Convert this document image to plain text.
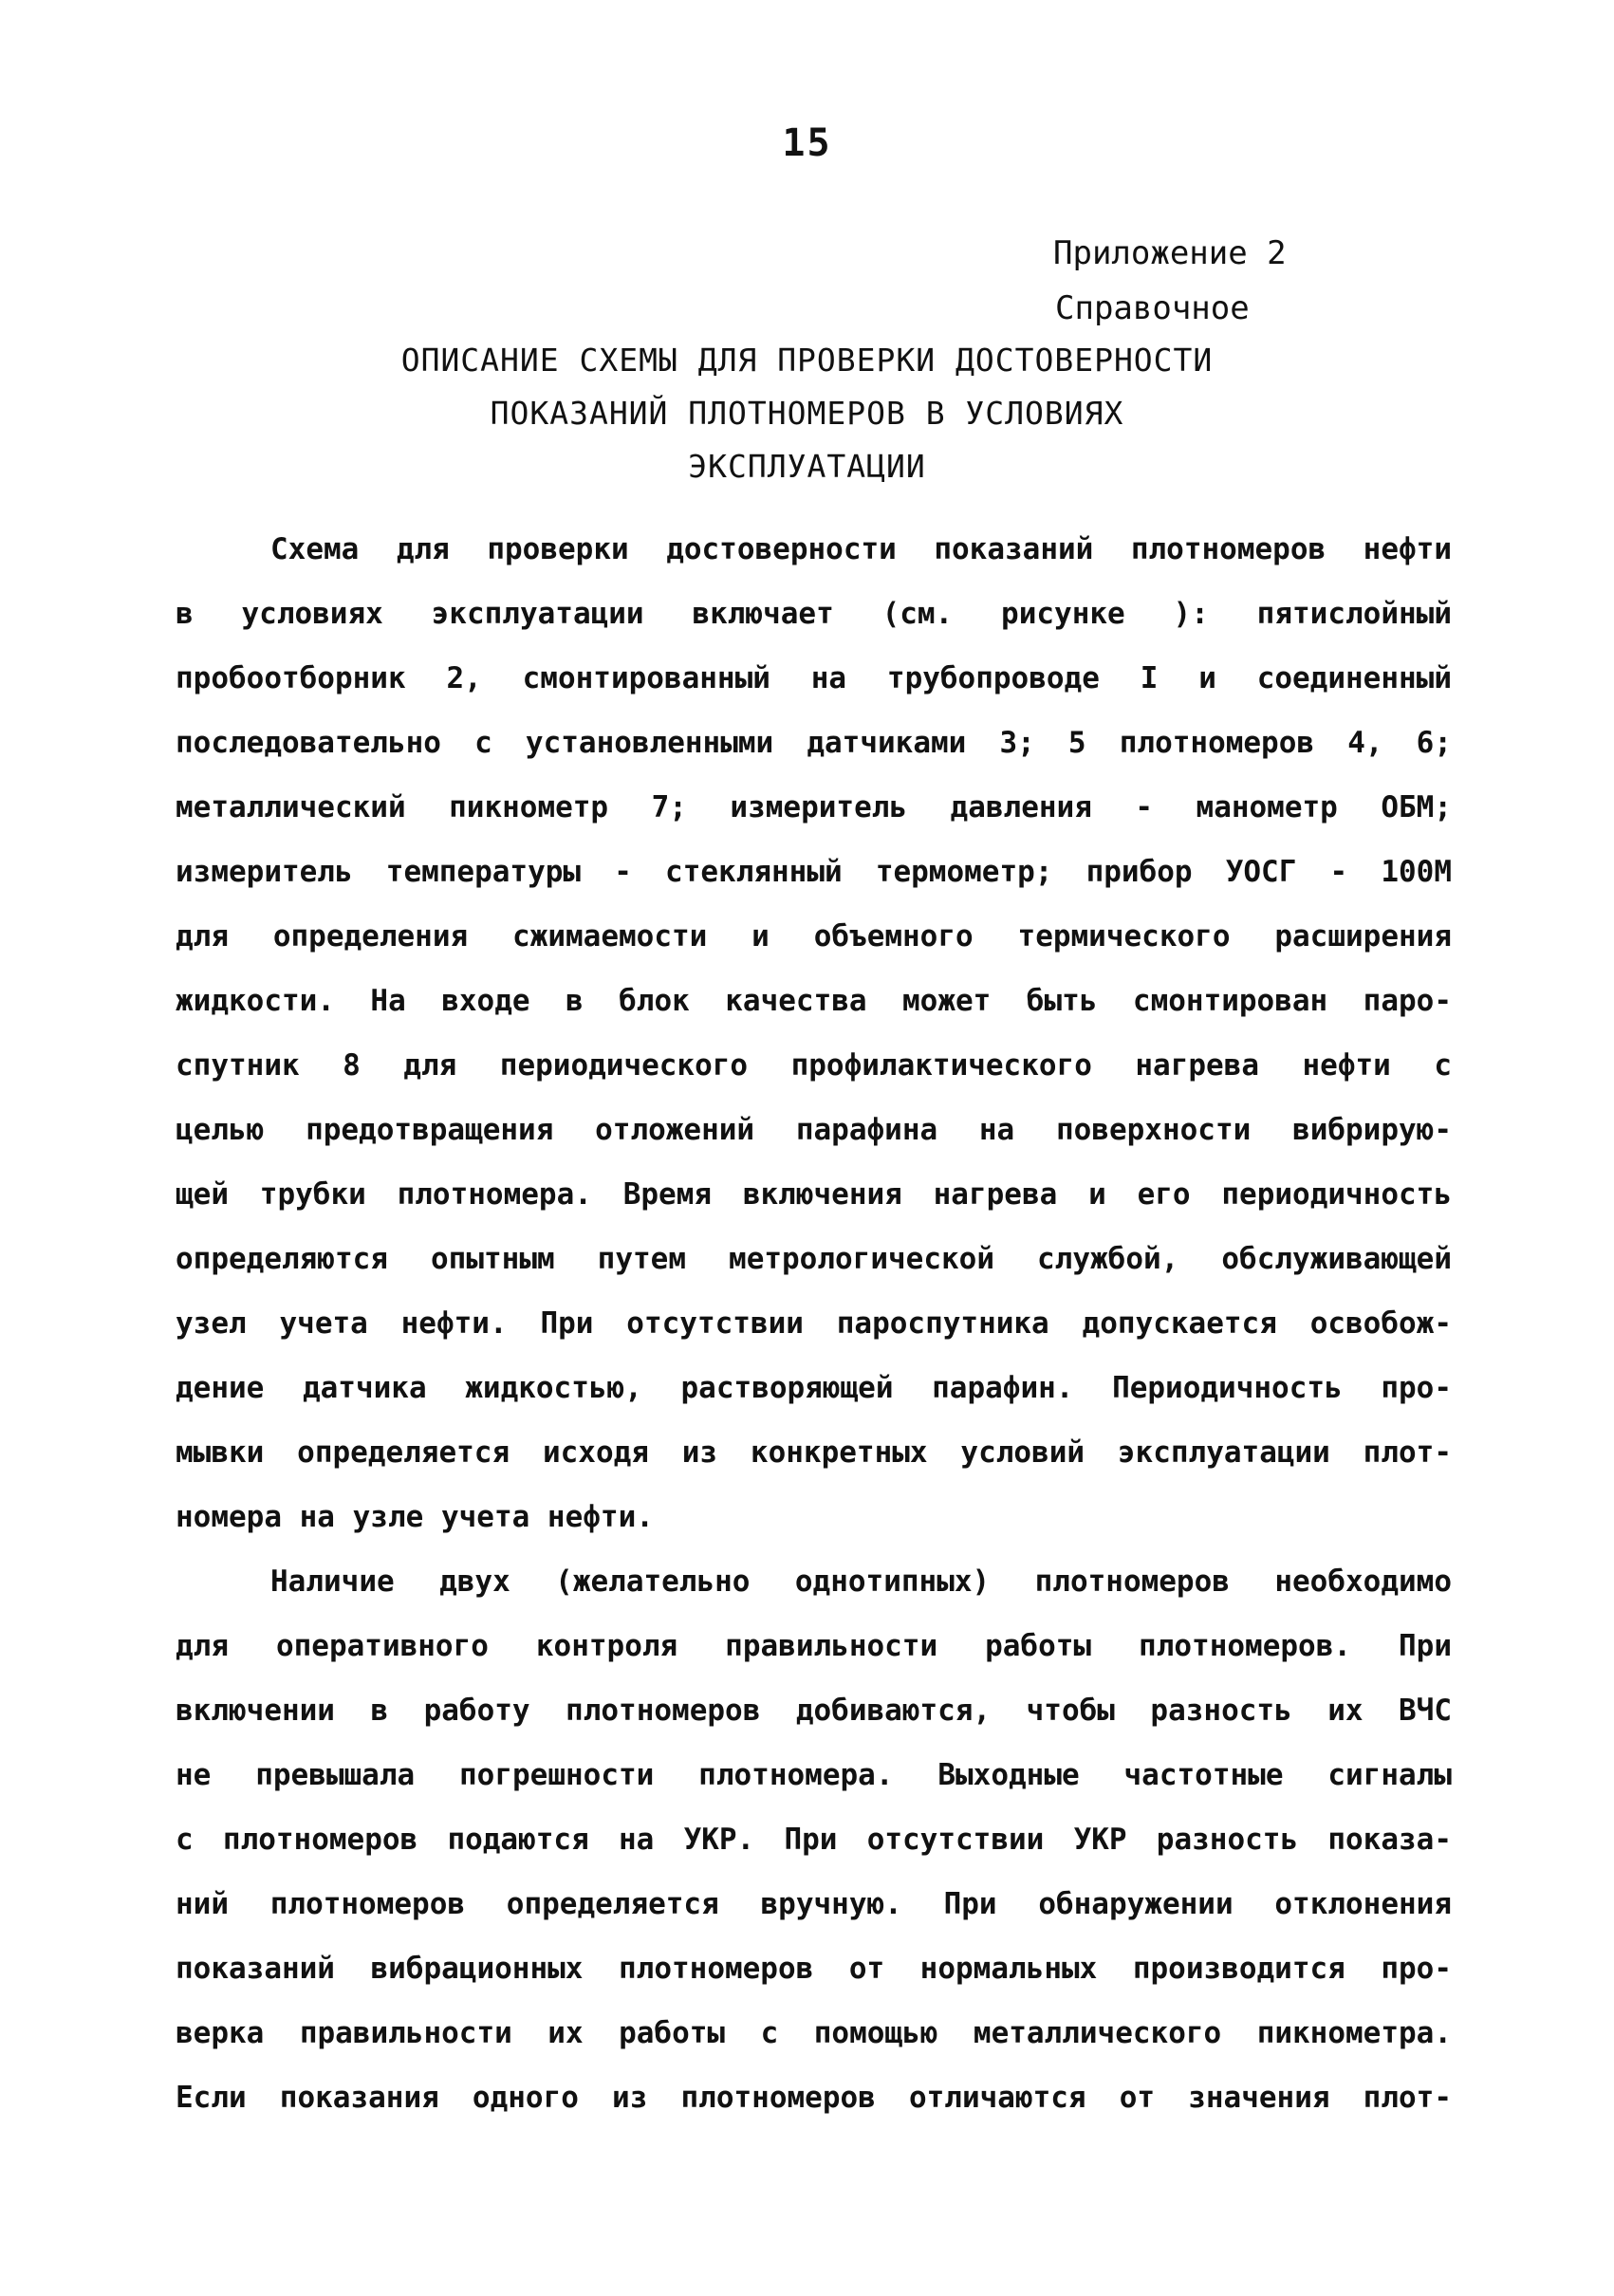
15
Приложение 2
Справочное
ОПИСАНИЕ СХЕМЫ ДЛЯ ПРОВЕРКИ ДОСТОВЕРНОСТИ
ПОКАЗАНИЙ ПЛОТНОМЕРОВ В УСЛОВИЯХ
ЭКСПЛУАТАЦИИ
Схема для проверки достоверности показаний плотномеров нефти
в условиях эксплуатации включает (см. рисунке ): пятислойный
пробоотборник 2, смонтированный на трубопроводе I и соединенный
последовательно с установленными датчиками 3; 5 плотномеров 4, 6;
металлический пикнометр 7; измеритель давления - манометр ОБМ;
измеритель температуры - стеклянный термометр; прибор УОСГ - 100М
для определения сжимаемости и объемного термического расширения
жидкости. На входе в блок качества может быть смонтирован паро-
спутник 8 для периодического профилактического нагрева нефти с
целью предотвращения отложений парафина на поверхности вибрирую-
щей трубки плотномера. Время включения нагрева и его периодичность
определяются опытным путем метрологической службой, обслуживающей
узел учета нефти. При отсутствии пароспутника допускается освобож-
дение датчика жидкостью, растворяющей парафин. Периодичность про-
мывки определяется исходя из конкретных условий эксплуатации плот-
номера на узле учета нефти.
Наличие двух (желательно однотипных) плотномеров необходимо
для оперативного контроля правильности работы плотномеров. При
включении в работу плотномеров добиваются, чтобы разность их ВЧС
не превышала погрешности плотномера. Выходные частотные сигналы
с плотномеров подаются на УКР. При отсутствии УКР разность показа-
ний плотномеров определяется вручную. При обнаружении отклонения
показаний вибрационных плотномеров от нормальных производится про-
верка правильности их работы с помощью металлического пикнометра.
Если показания одного из плотномеров отличаются от значения плот-
